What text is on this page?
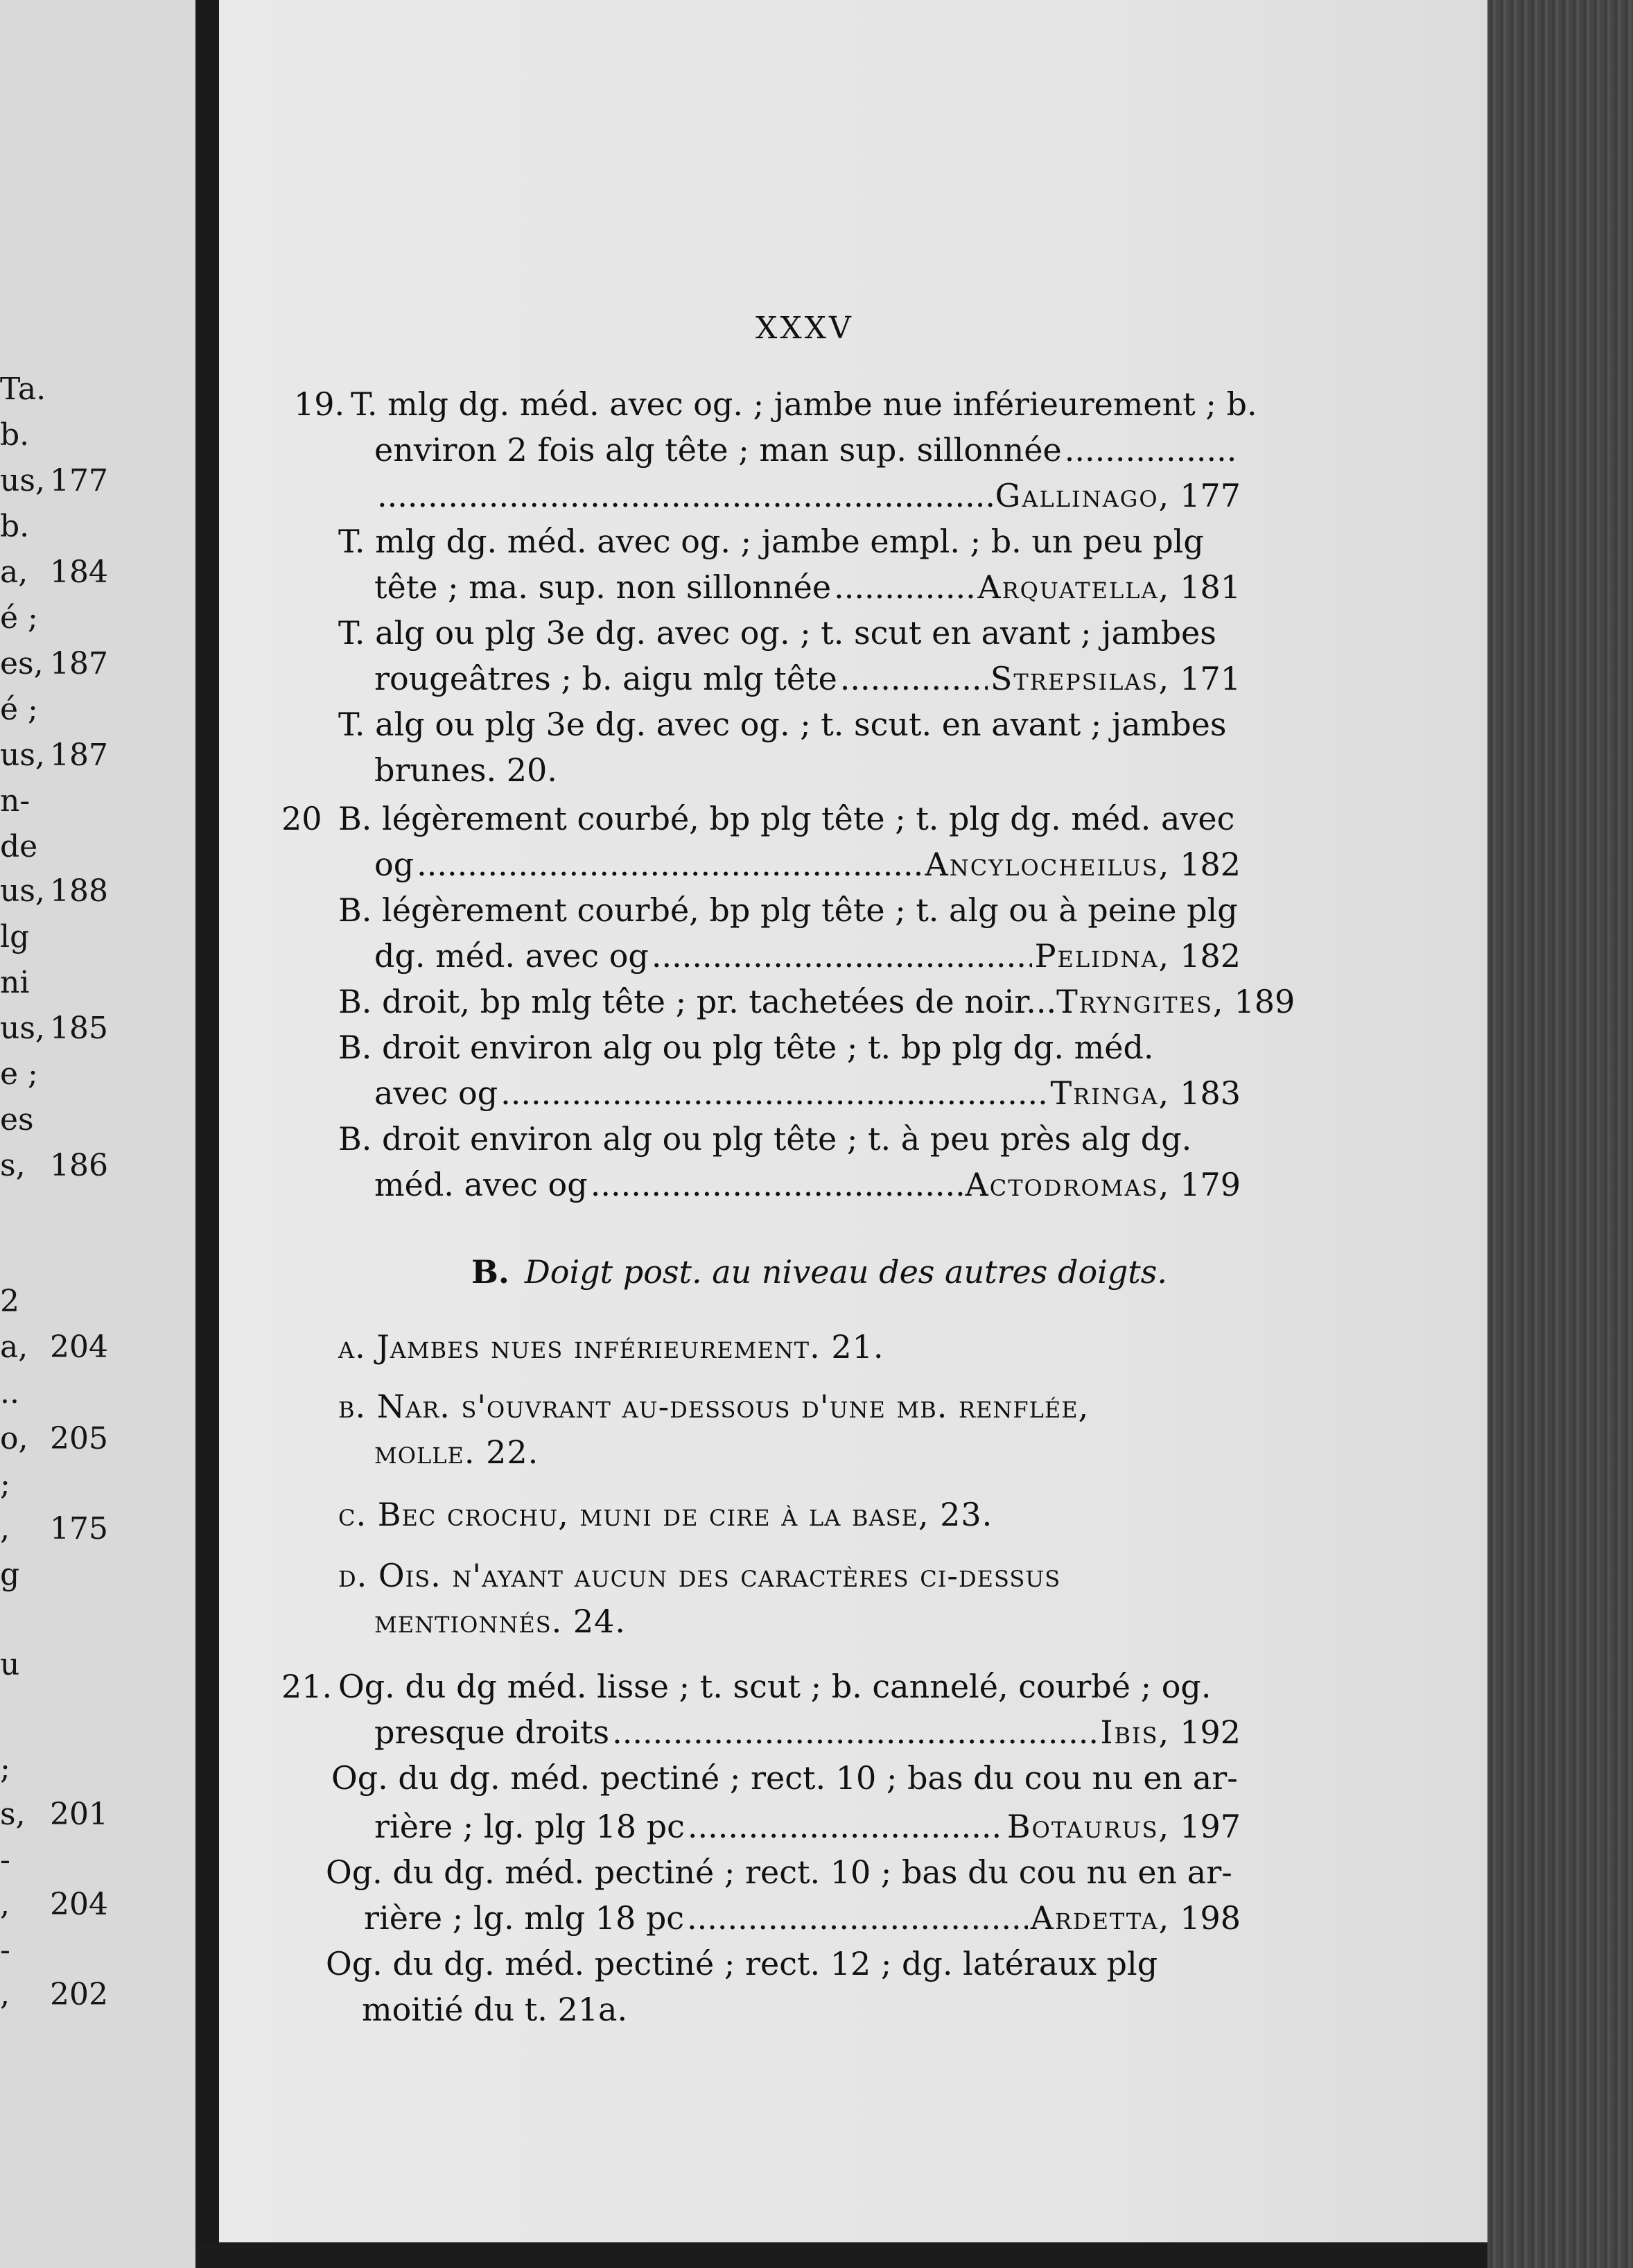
Ta.
b.
us, 177
b.
a, 184
é ;
es, 187
é ;
us, 187
n-
de
us, 188
lg
ni
us, 185
e ;
es
s, 186
2
a, 204
..
o, 205
;
, 175
g
u
;
s, 201
-
, 204
-
, 202
XXXV
19. T. mlg dg. méd. avec og. ; jambe nue inférieurement ; b.
environ 2 fois alg tête ; man sup. sillonnée
.....
.....
Gallinago, 177
T. mlg dg. méd. avec og. ; jambe empl. ; b. un peu plg
tête ; ma. sup. non sillonnée .....	Arquatella, 181
T. alg ou plg 3e dg. avec og. ; t. scut en avant ; jambes
rougeâtres ; b. aigu mlg tête .....	Strepsilas, 171
T. alg ou plg 3e dg. avec og. ; t. scut. en avant ; jambes
brunes. 20.
20 B. légèrement courbé, bp plg tête ; t. plg dg. méd. avec
og .....	Ancylocheilus, 182
B. légèrement courbé, bp plg tête ; t. alg ou à peine plg
dg. méd. avec og .....	Pelidna, 182
B. droit, bp mlg tête ; pr. tachetées de noir... Tryngites, 189
B. droit environ alg ou plg tête ; t. bp plg dg. méd.
avec og .....	Tringa, 183
B. droit environ alg ou plg tête ; t. à peu près alg dg.
méd. avec og .....	Actodromas, 179
B. Doigt post. au niveau des autres doigts.
a. Jambes nues inférieurement. 21.
b. Nar. s'ouvrant au-dessous d'une mb. renflée,
molle. 22.
c. Bec crochu, muni de cire à la base, 23.
d. Ois. n'ayant aucun des caractères ci-dessus
mentionnés. 24.
21. Og. du dg méd. lisse ; t. scut ; b. cannelé, courbé ; og.
presque droits .....	Ibis, 192
Og. du dg. méd. pectiné ; rect. 10 ; bas du cou nu en ar-
rière ; lg. plg 18 pc .....	Botaurus, 197
Og. du dg. méd. pectiné ; rect. 10 ; bas du cou nu en ar-
rière ; lg. mlg 18 pc .....	Ardetta, 198
Og. du dg. méd. pectiné ; rect. 12 ; dg. latéraux plg
moitié du t. 21a.
